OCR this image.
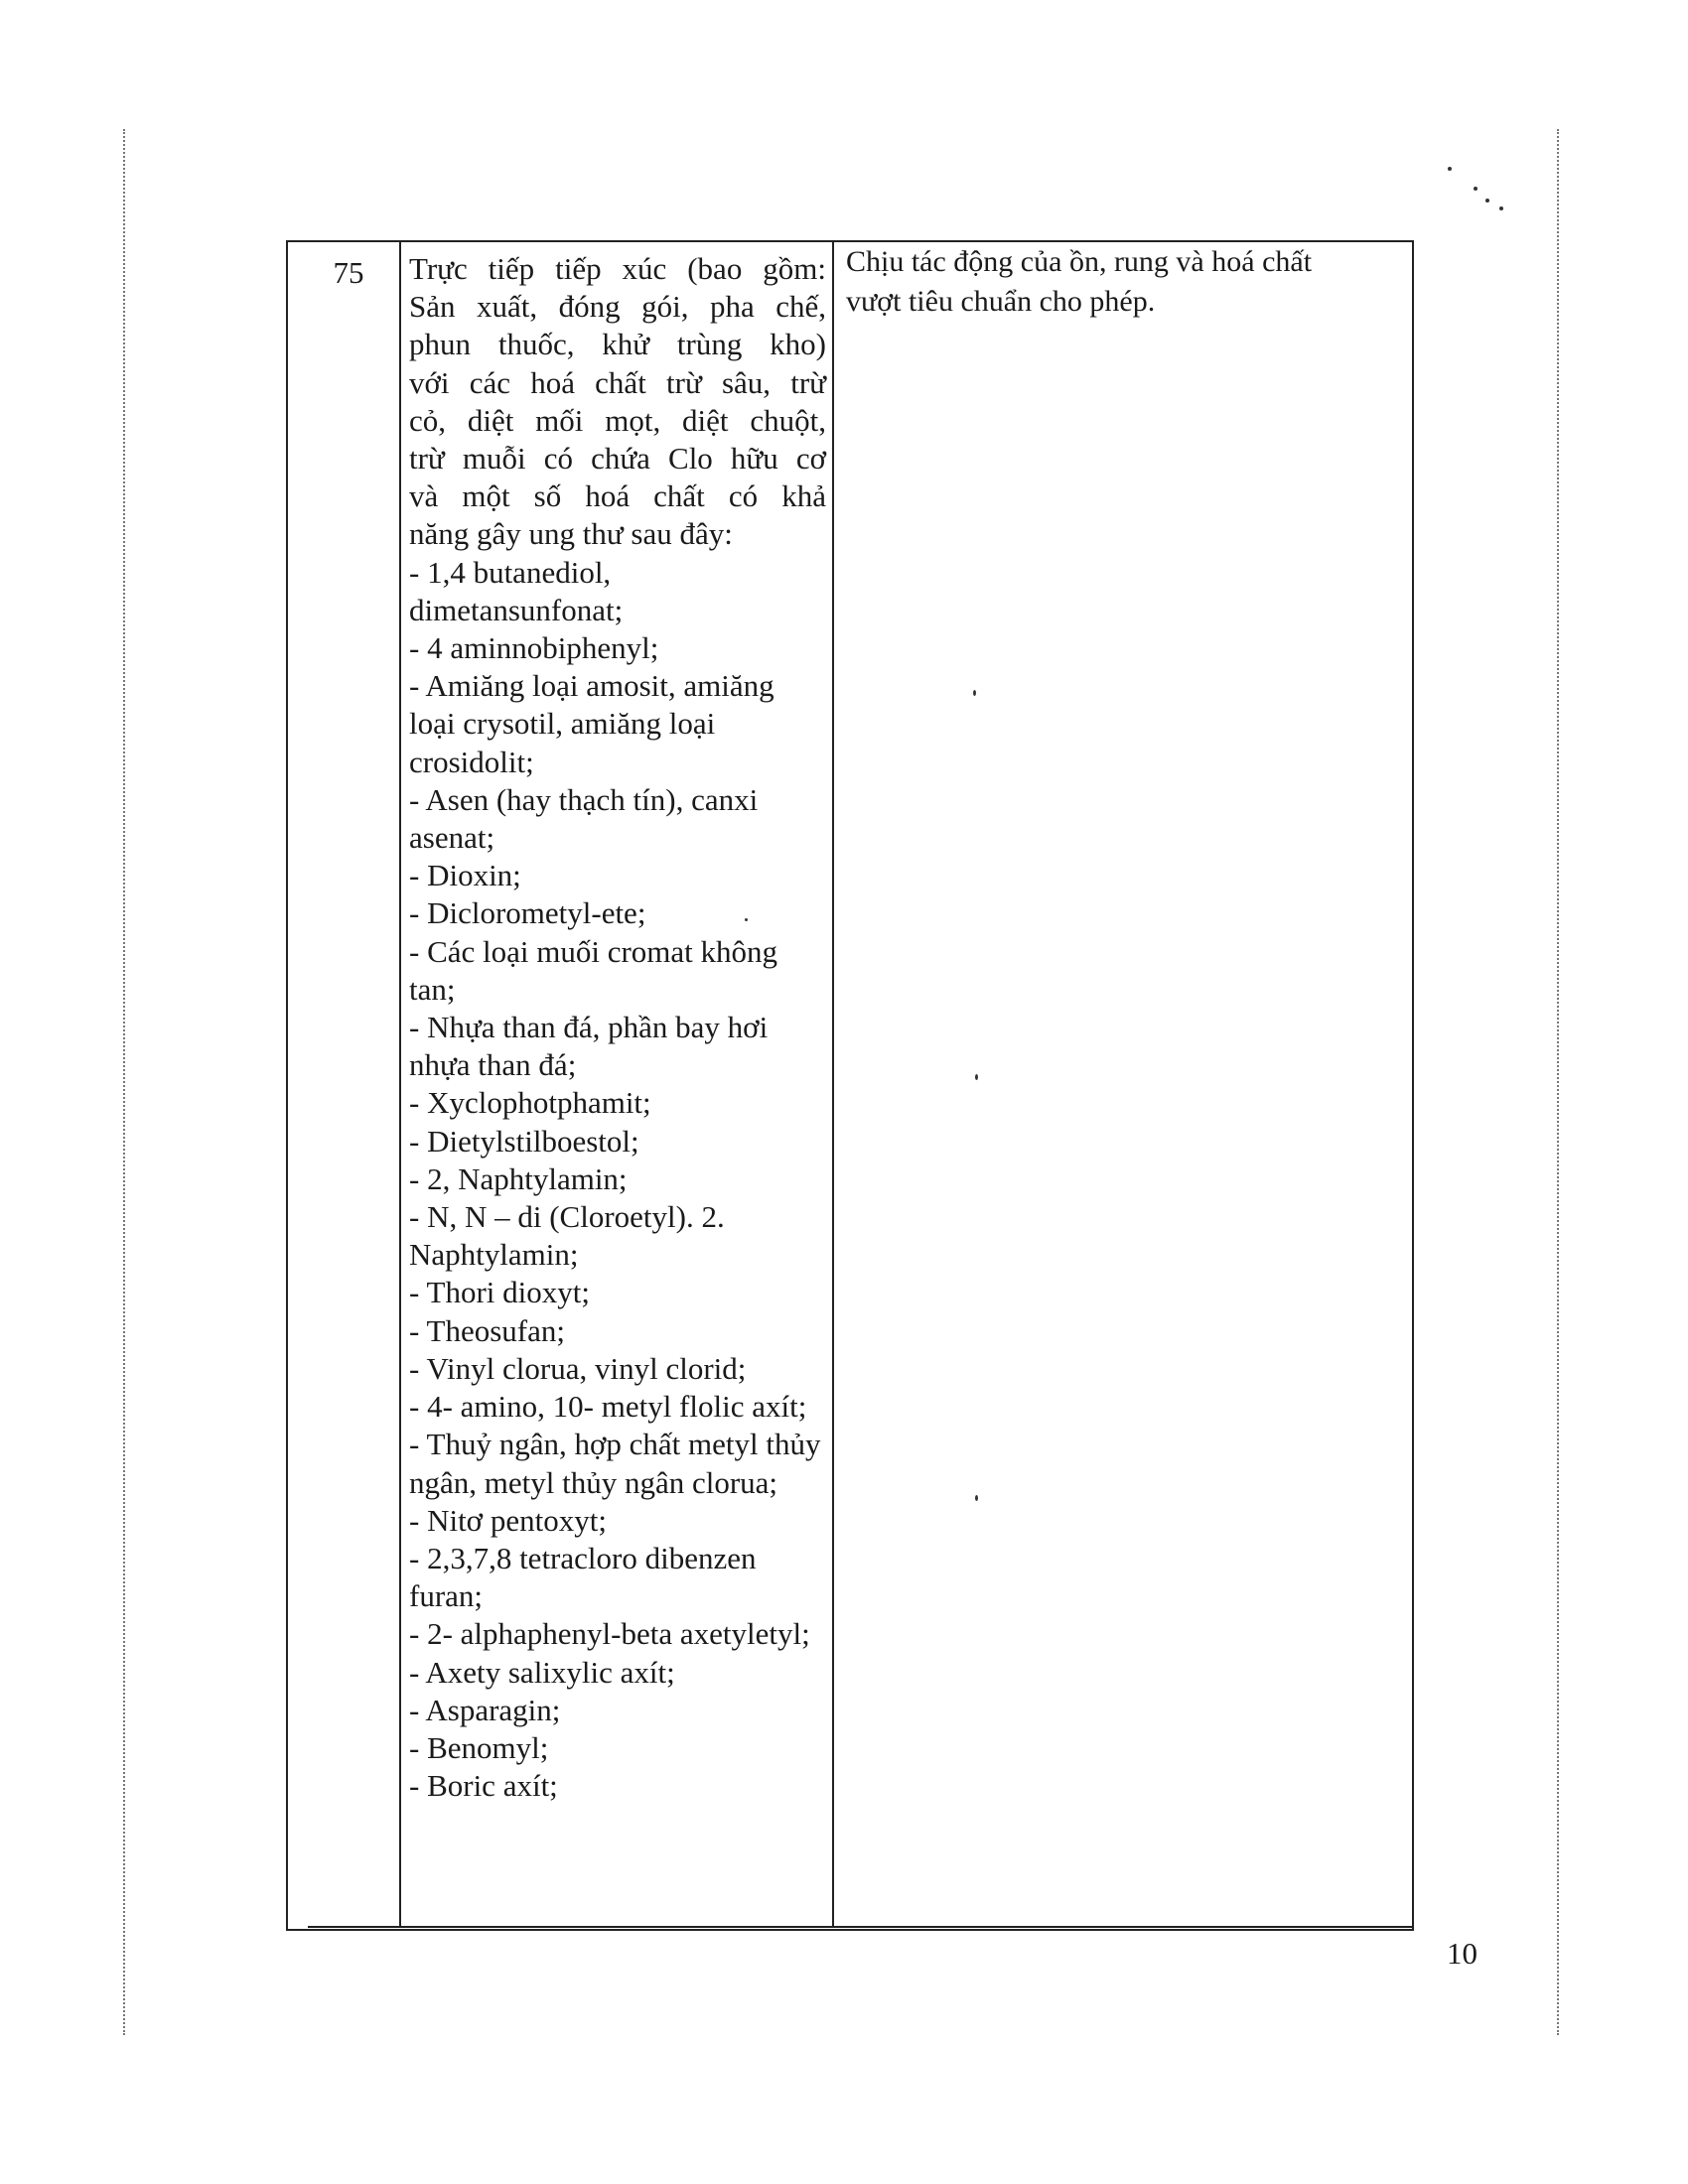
75	Trực tiếp tiếp xúc (bao gồm:

Sản xuất, đóng gói, pha chế,

phun thuốc, khử trùng kho)

với các hoá chất trừ sâu, trừ

cỏ, diệt mối mọt, diệt chuột,

trừ muỗi có chứa Clo hữu cơ

và một số hoá chất có khả

năng gây ung thư sau đây:

- 1,4 butanediol, dimetansunfonat;

- 4 aminnobiphenyl;

- Amiăng loại amosit, amiăng loại crysotil, amiăng loại crosidolit;

- Asen (hay thạch tín), canxi asenat;

- Dioxin;

- Diclorometyl-ete;

- Các loại muối cromat không tan;

- Nhựa than đá, phần bay hơi nhựa than đá;

- Xyclophotphamit;

- Dietylstilboestol;

- 2, Naphtylamin;

- N, N – di (Cloroetyl). 2. Naphtylamin;

- Thori dioxyt;

- Theosufan;

- Vinyl clorua, vinyl clorid;

- 4- amino, 10- metyl flolic axít;

- Thuỷ ngân, hợp chất metyl thủy ngân, metyl thủy ngân clorua;

- Nitơ pentoxyt;

- 2,3,7,8 tetracloro dibenzen furan;

- 2- alphaphenyl-beta axetyletyl;

- Axety salixylic axít;

- Asparagin;

- Benomyl;

- Boric axít;

Chịu tác động của ồn, rung và hoá chất

vượt tiêu chuẩn cho phép.

10
